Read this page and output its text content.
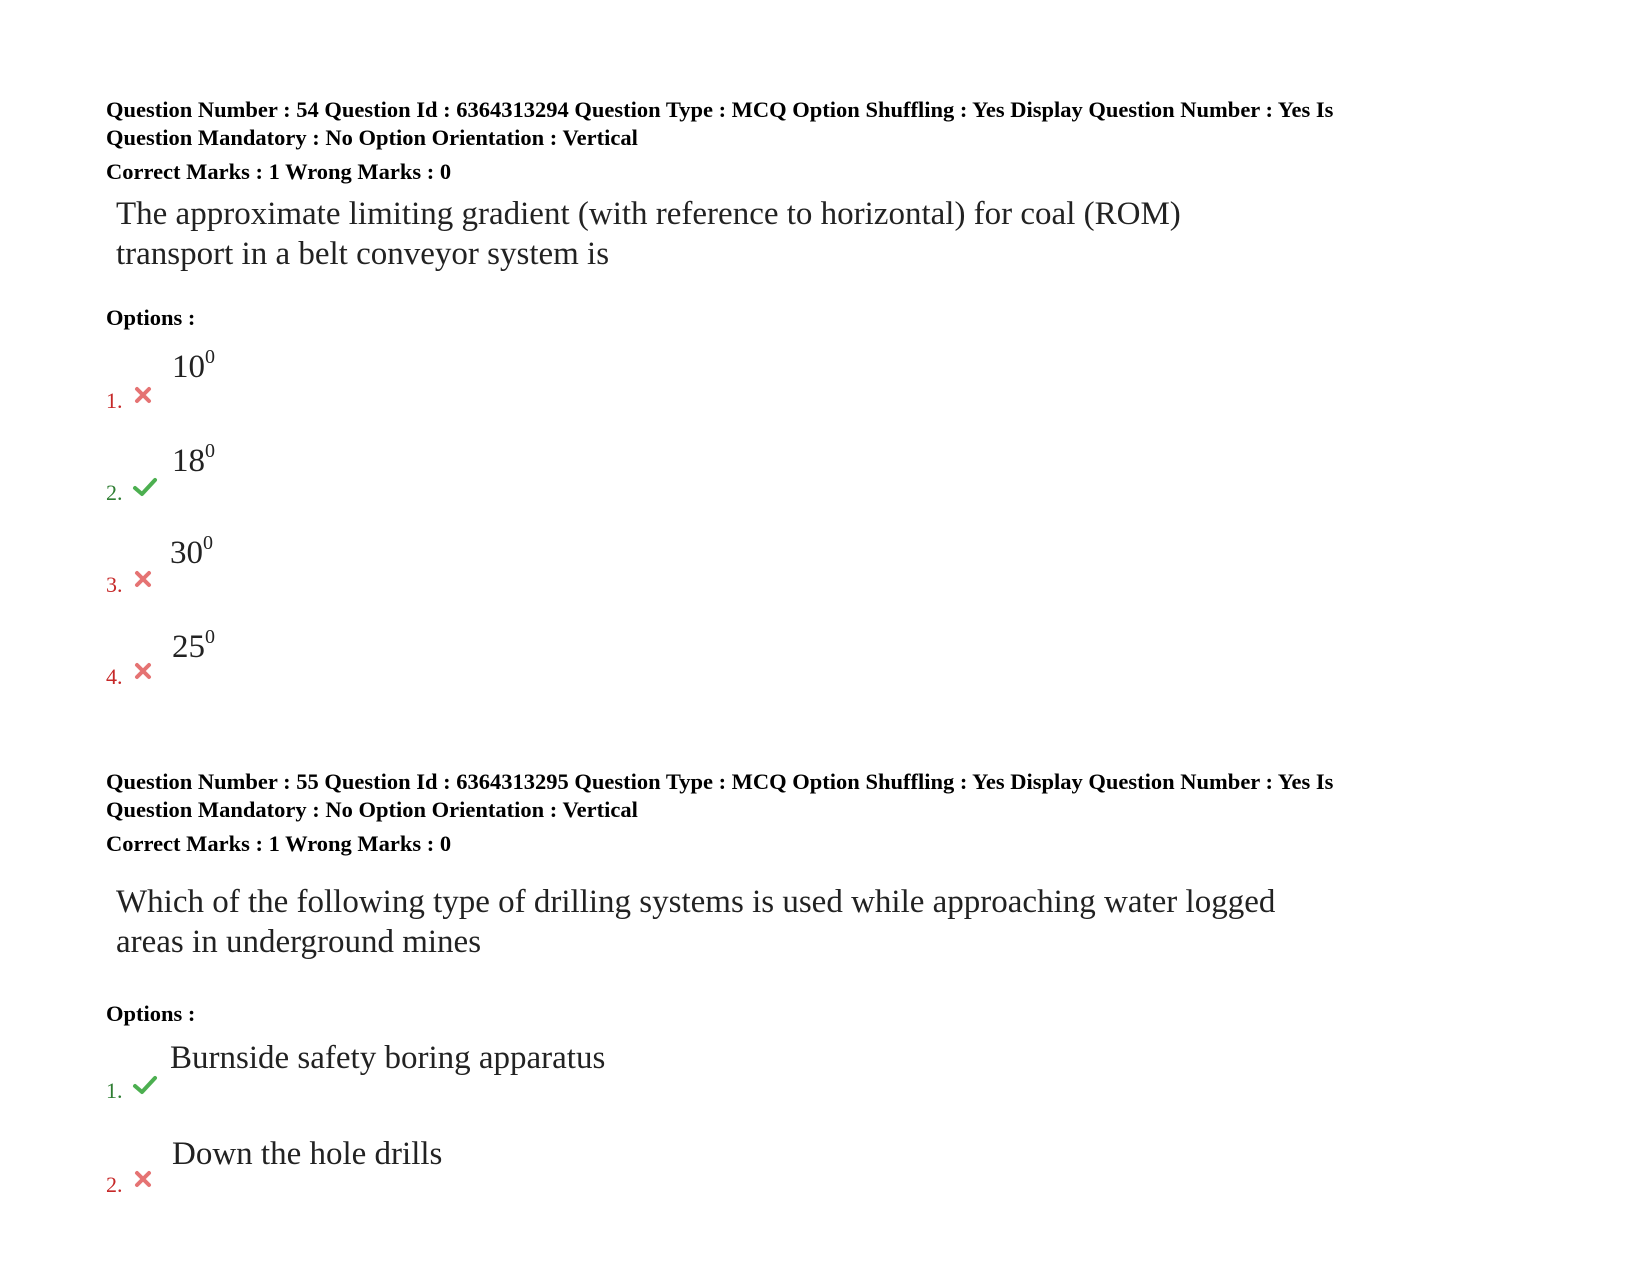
Question Number : 54 Question Id : 6364313294 Question Type : MCQ Option Shuffling : Yes Display Question Number : Yes Is
Question Mandatory : No Option Orientation : Vertical

Correct Marks : 1 Wrong Marks : 0
The approximate limiting gradient (with reference to horizontal) for coal (ROM) transport in a belt conveyor system is
Options :
1.
$10^0$
2.
$18^0$
3.
$30^0$
4.
$25^0$

Question Number : 55 Question Id : 6364313295 Question Type : MCQ Option Shuffling : Yes Display Question Number : Yes Is
Question Mandatory : No Option Orientation : Vertical

Correct Marks : 1 Wrong Marks : 0
Which of the following type of drilling systems is used while approaching water logged areas in underground mines
Options :
1.
Burnside safety boring apparatus
2.
Down the hole drills
